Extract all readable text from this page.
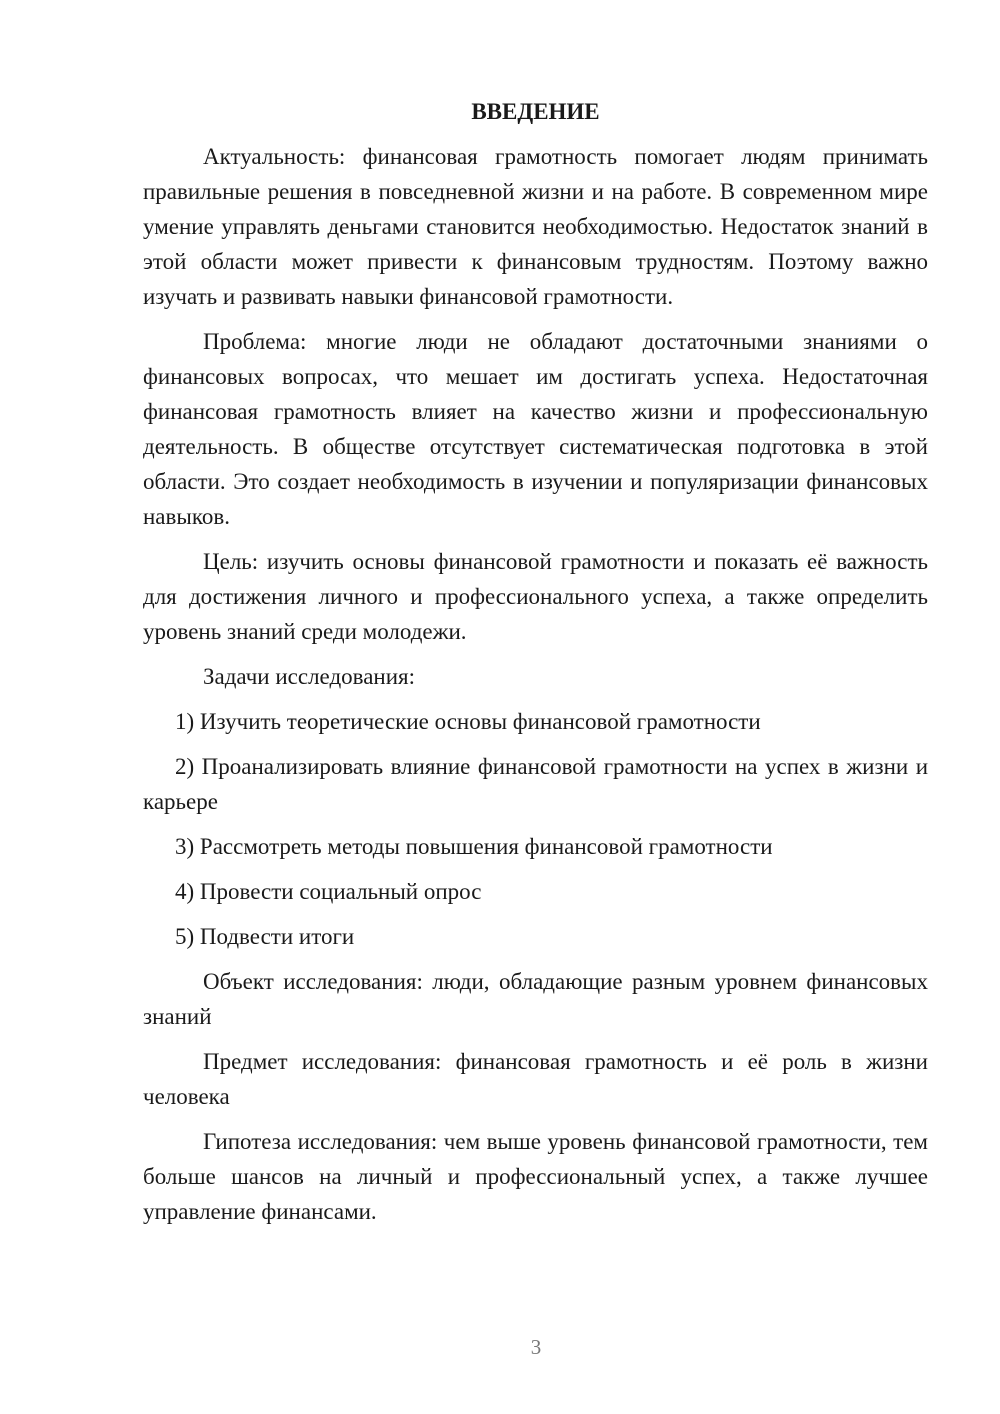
ВВЕДЕНИЕ

Актуальность: финансовая грамотность помогает людям принимать правильные решения в повседневной жизни и на работе. В современном мире умение управлять деньгами становится необходимостью. Недостаток знаний в этой области может привести к финансовым трудностям. Поэтому важно изучать и развивать навыки финансовой грамотности.

Проблема: многие люди не обладают достаточными знаниями о финансовых вопросах, что мешает им достигать успеха. Недостаточная финансовая грамотность влияет на качество жизни и профессиональную деятельность. В обществе отсутствует систематическая подготовка в этой области. Это создает необходимость в изучении и популяризации финансовых навыков.

Цель: изучить основы финансовой грамотности и показать её важность для достижения личного и профессионального успеха, а также определить уровень знаний среди молодежи.

Задачи исследования:

1) Изучить теоретические основы финансовой грамотности

2) Проанализировать влияние финансовой грамотности на успех в жизни и карьере

3) Рассмотреть методы повышения финансовой грамотности

4) Провести социальный опрос

5) Подвести итоги

Объект исследования: люди, обладающие разным уровнем финансовых знаний

Предмет исследования: финансовая грамотность и её роль в жизни человека

Гипотеза исследования: чем выше уровень финансовой грамотности, тем больше шансов на личный и профессиональный успех, а также лучшее управление финансами.

3
